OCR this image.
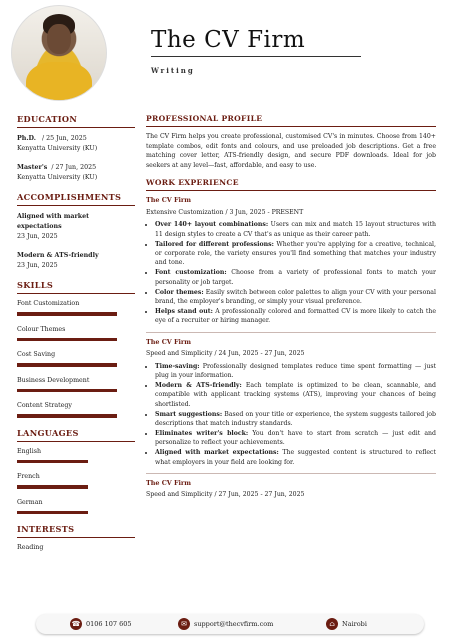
The CV Firm
Writing
EDUCATION
Ph.D. / 25 Jun, 2025
Kenyatta University (KU)
Master's / 27 Jun, 2025
Kenyatta University (KU)
ACCOMPLISHMENTS
Aligned with market expectations
23 Jun, 2025
Modern & ATS-friendly
23 Jun, 2025
SKILLS
Font Customization
Colour Themes
Cost Saving
Business Development
Content Strategy
LANGUAGES
English
French
German
INTERESTS
Reading
PROFESSIONAL PROFILE
The CV Firm helps you create professional, customised CV's in minutes. Choose from 140+ template combos, edit fonts and colours, and use preloaded job descriptions. Get a free matching cover letter, ATS-friendly design, and secure PDF downloads. Ideal for job seekers at any level—fast, affordable, and easy to use.
WORK EXPERIENCE
The CV Firm
Extensive Customization / 3 Jun, 2025 - PRESENT
• Over 140+ layout combinations: Users can mix and match 15 layout structures with 11 design styles to create a CV that's as unique as their career path.
• Tailored for different professions: Whether you're applying for a creative, technical, or corporate role, the variety ensures you'll find something that matches your industry and tone.
• Font customization: Choose from a variety of professional fonts to match your personality or job target.
• Color themes: Easily switch between color palettes to align your CV with your personal brand, the employer's branding, or simply your visual preference.
• Helps stand out: A professionally colored and formatted CV is more likely to catch the eye of a recruiter or hiring manager.
The CV Firm
Speed and Simplicity / 24 Jun, 2025 - 27 Jun, 2025
• Time-saving: Professionally designed templates reduce time spent formatting — just plug in your information.
• Modern & ATS-friendly: Each template is optimized to be clean, scannable, and compatible with applicant tracking systems (ATS), improving your chances of being shortlisted.
• Smart suggestions: Based on your title or experience, the system suggests tailored job descriptions that match industry standards.
• Eliminates writer's block: You don't have to start from scratch — just edit and personalize to reflect your achievements.
• Aligned with market expectations: The suggested content is structured to reflect what employers in your field are looking for.
The CV Firm
Speed and Simplicity / 27 Jun, 2025 - 27 Jun, 2025
☎ 0106 107 605	✉	support@thecvfirm.com	⌂	Nairobi
